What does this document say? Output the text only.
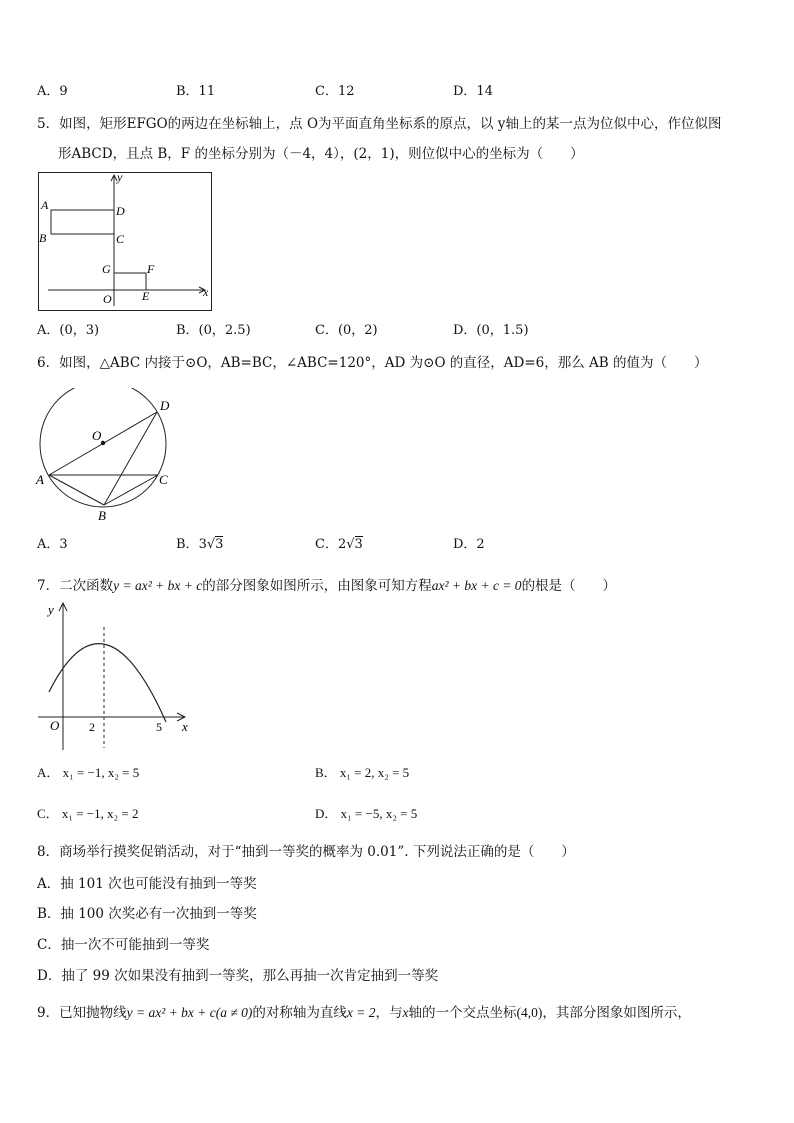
A．9	B．11	C．12	D．14
5．如图，矩形EFGO的两边在坐标轴上，点 O为平面直角坐标系的原点，以 y轴上的某一点为位似中心，作位似图
形ABCD，且点 B，F 的坐标分别为（－4，4），(2，1)，则位似中心的坐标为（　　）
A
B
D
C
G	F
O	E	x
y
A．(0，3)	B．(0，2.5)	C．(0，2)	D．(0，1.5)
6．如图，△ABC 内接于⊙O，AB=BC，∠ABC=120°，AD 为⊙O 的直径，AD=6，那么 AB 的值为（　　）
O
D
A	C
B
A．3	B．3√3	C．2√3	D．2
7．二次函数y = ax² + bx + c的部分图象如图所示，由图象可知方程ax² + bx + c = 0的根是（　　）
O 2	5 x
y
A． x₁ = −1, x₂ = 5	B． x₁ = 2, x₂ = 5
C． x₁ = −1, x₂ = 2	D． x₁ = −5, x₂ = 5
8．商场举行摸奖促销活动，对于“抽到一等奖的概率为 0.01”. 下列说法正确的是（　　）
A．抽 101 次也可能没有抽到一等奖
B．抽 100 次奖必有一次抽到一等奖
C．抽一次不可能抽到一等奖
D．抽了 99 次如果没有抽到一等奖，那么再抽一次肯定抽到一等奖
9．已知抛物线y = ax² + bx + c(a ≠ 0)的对称轴为直线x = 2，与x轴的一个交点坐标(4,0)，其部分图象如图所示，
